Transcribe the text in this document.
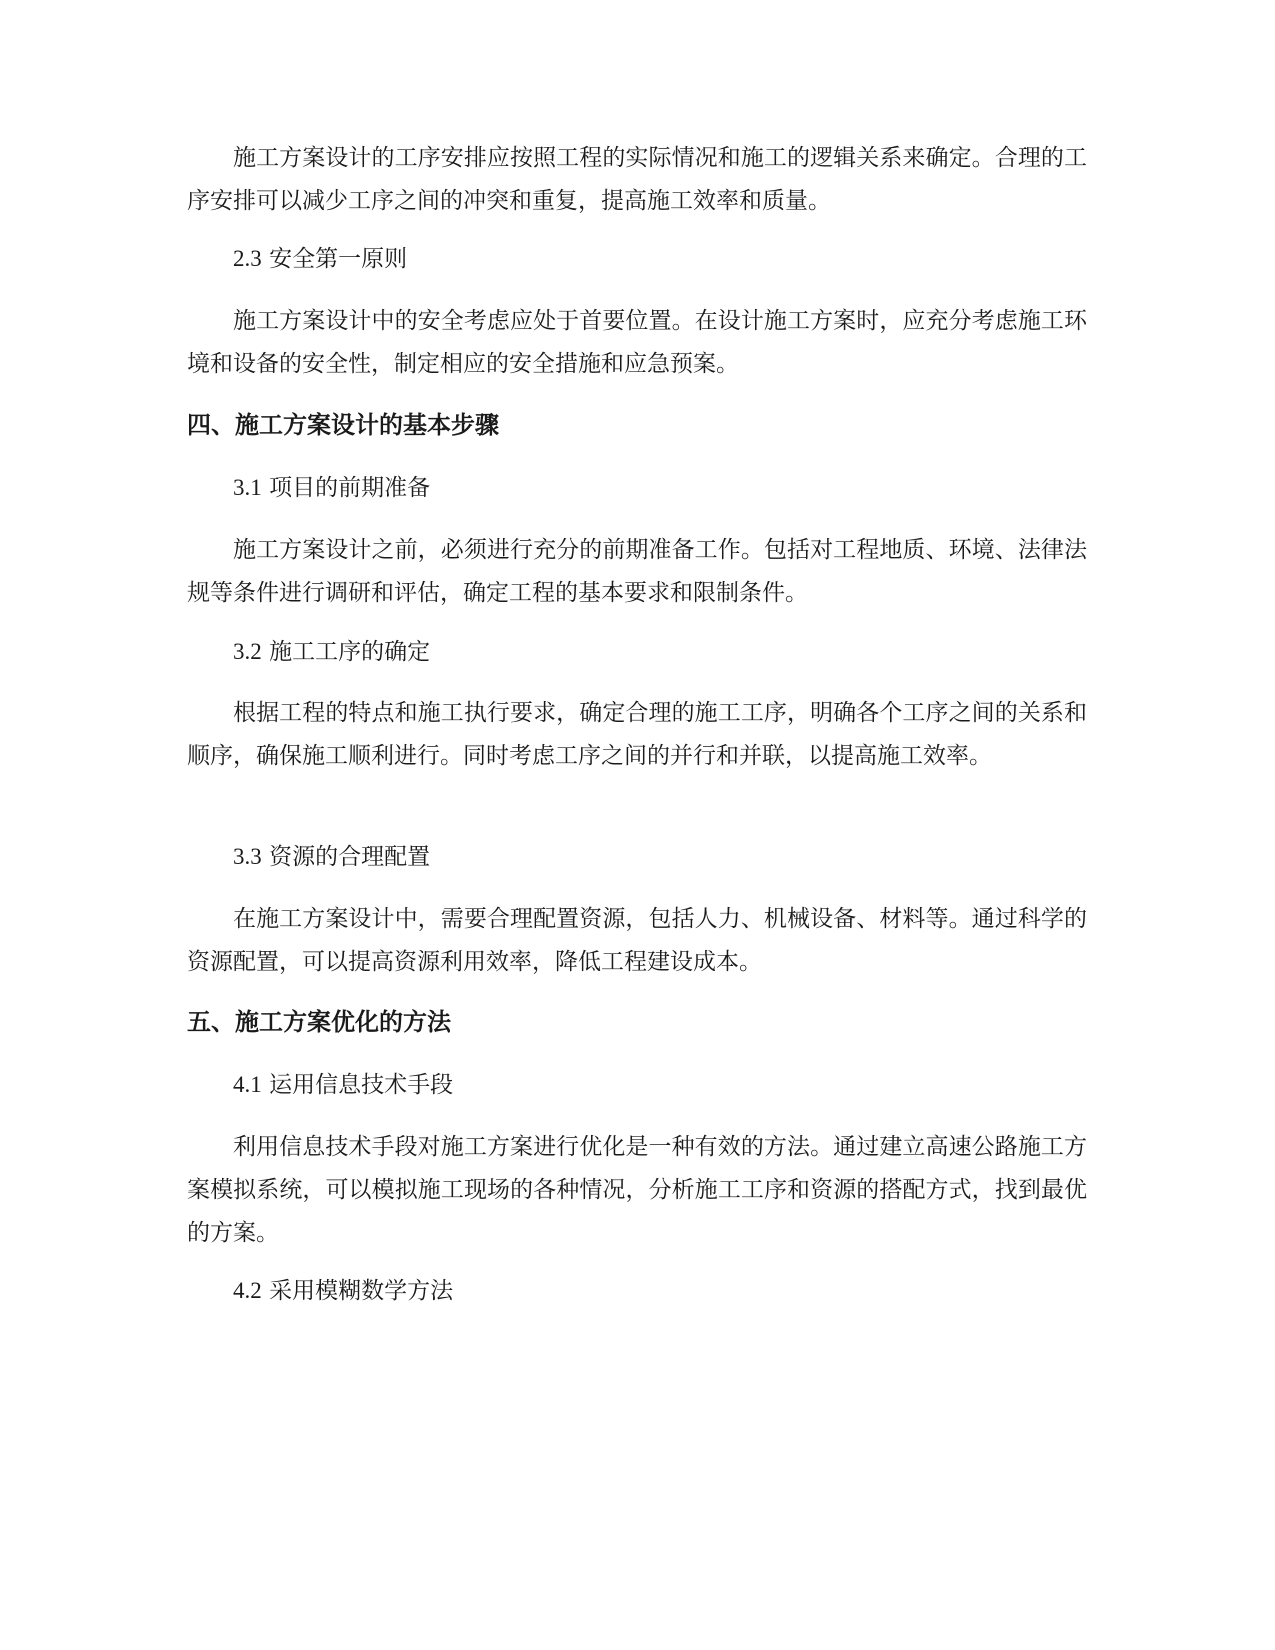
施工方案设计的工序安排应按照工程的实际情况和施工的逻辑关系来确定。合理的工序安排可以减少工序之间的冲突和重复，提高施工效率和质量。

2.3 安全第一原则

施工方案设计中的安全考虑应处于首要位置。在设计施工方案时，应充分考虑施工环境和设备的安全性，制定相应的安全措施和应急预案。

四、施工方案设计的基本步骤
3.1 项目的前期准备

施工方案设计之前，必须进行充分的前期准备工作。包括对工程地质、环境、法律法规等条件进行调研和评估，确定工程的基本要求和限制条件。

3.2 施工工序的确定

根据工程的特点和施工执行要求，确定合理的施工工序，明确各个工序之间的关系和顺序，确保施工顺利进行。同时考虑工序之间的并行和并联，以提高施工效率。

3.3 资源的合理配置

在施工方案设计中，需要合理配置资源，包括人力、机械设备、材料等。通过科学的资源配置，可以提高资源利用效率，降低工程建设成本。

五、施工方案优化的方法
4.1 运用信息技术手段

利用信息技术手段对施工方案进行优化是一种有效的方法。通过建立高速公路施工方案模拟系统，可以模拟施工现场的各种情况，分析施工工序和资源的搭配方式，找到最优的方案。

4.2 采用模糊数学方法
